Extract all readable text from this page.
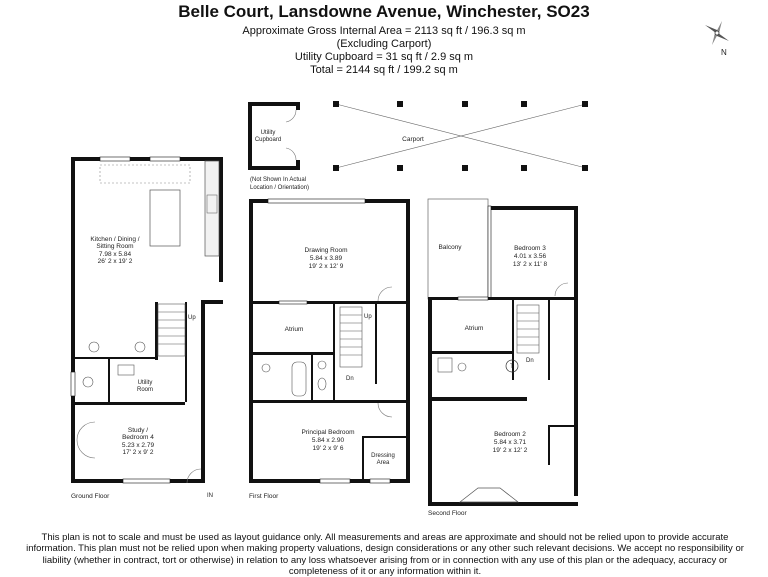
Belle Court, Lansdowne Avenue, Winchester, SO23
Approximate Gross Internal Area = 2113 sq ft / 196.3 sq m
(Excluding Carport)
Utility Cupboard = 31 sq ft / 2.9 sq m
Total = 2144 sq ft / 199.2 sq m
N
Kitchen / Dining /
Sitting Room
7.98 x 5.84
26' 2 x 19' 2
Up
Utility
Room
Study /
Bedroom 4
5.23 x 2.79
17' 2 x 9' 2
IN
Ground Floor
Drawing Room
5.84 x 3.89
19' 2 x 12' 9
Atrium
Up
Dn
Principal Bedroom
5.84 x 2.90
19' 2 x 9' 6
Dressing
Area
First Floor
T
Balcony	Bedroom 3
4.01 x 3.56
13' 2 x 11' 8
Atrium
Dn
Bedroom 2
5.84 x 3.71
19' 2 x 12' 2
Second Floor
Utility
Cupboard
(Not Shown In Actual
Location / Orientation)
Carport
This plan is not to scale and must be used as layout guidance only. All measurements and areas are approximate and should not be relied upon to provide accurate information. This plan must not be relied upon when making property valuations, design considerations or any other such relevant decisions. We accept no responsibility or liability (whether in contract, tort or otherwise) in relation to any loss whatsoever arising from or in connection with any use of this plan or the adequacy, accuracy or completeness of it or any information within it.
